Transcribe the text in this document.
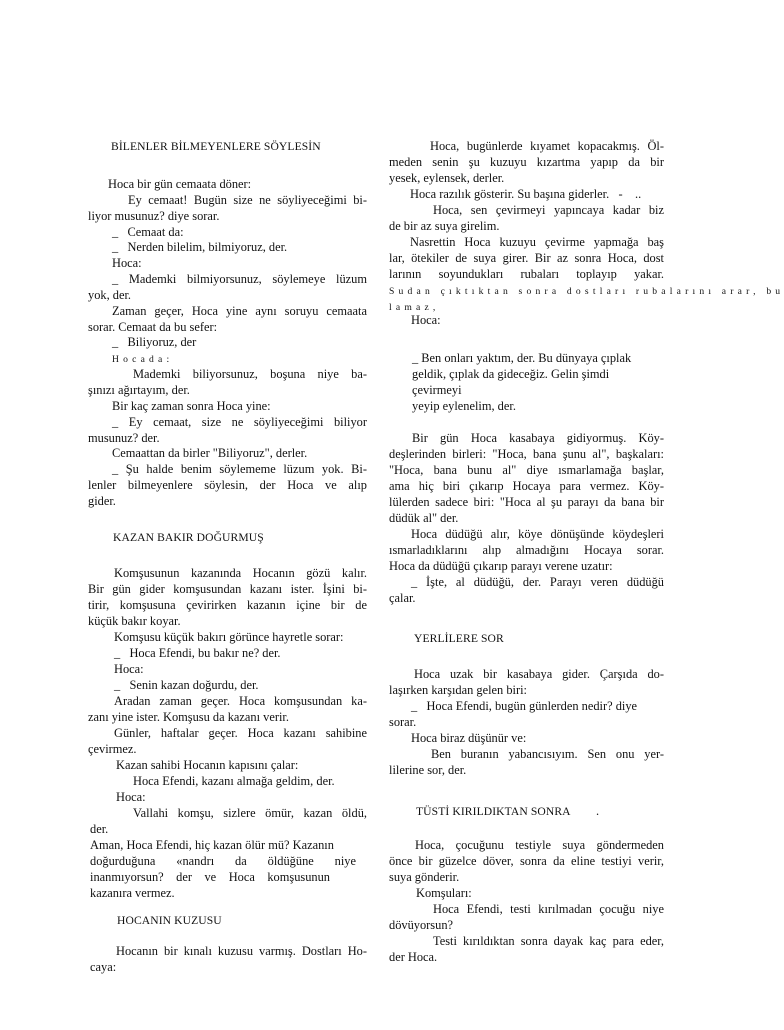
BİLENLER BİLMEYENLERE SÖYLESİN

Hoca bir gün cemaata döner:

Ey cemaat! Bugün size ne söyliyeceğimi bi-

liyor musunuz? diye sorar.

_   Cemaat da:

_   Nerden bilelim, bilmiyoruz, der.

Hoca:

_ Mademki bilmiyorsunuz, söylemeye lüzum

yok, der.

Zaman geçer, Hoca yine aynı soruyu cemaata

sorar. Cemaat da bu sefer:

_   Biliyoruz, der

Hocada:

Mademki biliyorsunuz, boşuna niye ba-

şınızı ağırtayım, der.

Bir kaç zaman sonra Hoca yine:

_ Ey cemaat, size ne söyliyeceğimi biliyor

musunuz? der.

Cemaattan da birler "Biliyoruz", derler.

_ Şu halde benim söylememe lüzum yok. Bi-

lenler bilmeyenlere söylesin, der Hoca ve alıp

gider.

KAZAN BAKIR DOĞURMUŞ

Komşusunun kazanında Hocanın gözü kalır.

Bir gün gider komşusundan kazanı ister. İşini bi-

tirir, komşusuna çevirirken kazanın içine bir de

küçük bakır koyar.

Komşusu küçük bakırı görünce hayretle sorar:

_   Hoca Efendi, bu bakır ne? der.

Hoca:

_   Senin kazan doğurdu, der.

Aradan zaman geçer. Hoca komşusundan ka-

zanı yine ister. Komşusu da kazanı verir.

Günler, haftalar geçer. Hoca kazanı sahibine

çevirmez.

Kazan sahibi Hocanın kapısını çalar:

Hoca Efendi, kazanı almağa geldim, der.

Hoca:

Vallahi komşu, sizlere ömür, kazan öldü,

der.

Aman, Hoca Efendi, hiç kazan ölür mü? Kazanın

doğurduğuna «nandrı da öldüğüne niye

inanmıyorsun? der ve Hoca komşusunun

kazanıra vermez.

HOCANIN KUZUSU

Hocanın bir kınalı kuzusu varmış. Dostları Ho-

caya:

Hoca, bugünlerde kıyamet kopacakmış. Öl-

meden senin şu kuzuyu kızartma yapıp da bir

yesek, eylensek, derler.

Hoca razılık gösterir. Su başına giderler.   -    ..

Hoca, sen çevirmeyi yapıncaya kadar biz

de bir az suya girelim.

Nasrettin Hoca kuzuyu çevirme yapmağa baş

lar, ötekiler de suya girer. Bir az sonra Hoca, dost

larının soyundukları rubaları toplayıp yakar.

Sudan çıktıktan sonra dostları rubalarını arar, bu

lamaz,

Hoca:

_ Ben onları yaktım, der. Bu dünyaya çıplak

geldik, çıplak da gideceğiz. Gelin şimdi

çevirmeyi

yeyip eylenelim, der.

Bir gün Hoca kasabaya gidiyormuş. Köy-

deşlerinden birleri: "Hoca, bana şunu al", başkaları:

"Hoca, bana bunu al" diye ısmarlamağa başlar,

ama hiç biri çıkarıp Hocaya para vermez. Köy-

lülerden sadece biri: "Hoca al şu parayı da bana bir

düdük al" der.

Hoca düdüğü alır, köye dönüşünde köydeşleri

ısmarladıklarını alıp almadığını Hocaya sorar.

Hoca da düdüğü çıkarıp parayı verene uzatır:

_ İşte, al düdüğü, der. Parayı veren düdüğü

çalar.

YERLİLERE SOR

Hoca uzak bir kasabaya gider. Çarşıda do-

laşırken karşıdan gelen biri:

_   Hoca Efendi, bugün günlerden nedir? diye

sorar.

Hoca biraz düşünür ve:

Ben buranın yabancısıyım. Sen onu yer-

lilerine sor, der.

TÜSTİ KIRILDIKTAN SONRA .

Hoca, çocuğunu testiyle suya göndermeden

önce bir güzelce döver, sonra da eline testiyi verir,

suya gönderir.

Komşuları:

Hoca Efendi, testi kırılmadan çocuğu niye

dövüyorsun?

Testi kırıldıktan sonra dayak kaç para eder,

der Hoca.
